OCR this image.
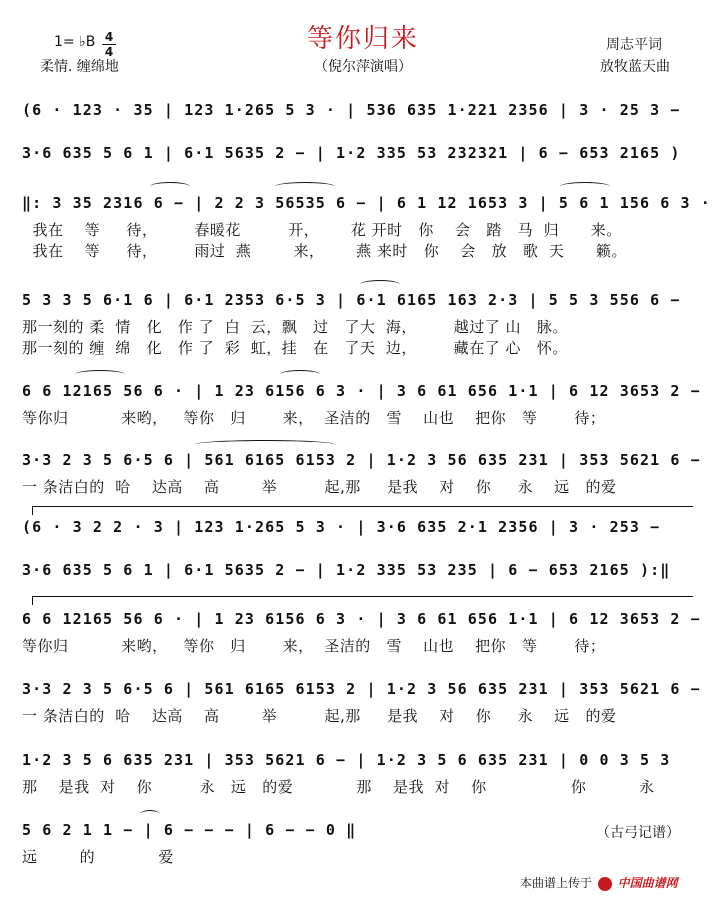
等你归来
（倪尔萍演唱）
1= ♭B 4
4
柔情. 缠绵地
周志平词
放牧蓝天曲
(6 · 123 · 35 | 123 1·265 5 3 · | 536 635 1·221 2356 | 3 · 25 3 −
3·6 635 5 6 1 | 6·1 5635 2 − | 1·2 335 53 232321 | 6 − 653 2165 )
‖: 3 35 2316 6 − | 2 2 3 56535 6 − | 6 1 12 1653 3 | 5 6 1 156 6 3 ·
我在    等     待，       春暖花         开，      花 开时   你    会   踏   马  归      来。
我在    等     待，       雨过  燕        来，      燕 来时   你    会   放   歌  天      籁。
5 3 3 5 6·1 6 | 6·1 2353 6·5 3 | 6·1 6165 163 2·3 | 5 5 3 556 6 −
那一刻的 柔  情   化   作 了  白  云，飘   过   了大  海，       越过了 山   脉。
那一刻的 缠  绵   化   作 了  彩  虹，挂   在   了天  边，       藏在了 心   怀。
6 6 12165 56 6 · | 1 23 6156 6 3 · | 3 6 61 656 1·1 | 6 12 3653 2 −
等你归          来哟，   等你   归       来，  圣洁的   雪    山也    把你   等       待；
3·3 2 3 5 6·5 6 | 561 6165 6153 2 | 1·2 3 56 635 231 | 353 5621 6 −
一 条洁白的  哈    达高    高        举         起,那     是我    对    你     永    远   的爱
(6 · 3 2 2 · 3 | 123 1·265 5 3 · | 3·6 635 2·1 2356 | 3 · 253 −
3·6 635 5 6 1 | 6·1 5635 2 − | 1·2 335 53 235 | 6 − 653 2165 ):‖
6 6 12165 56 6 · | 1 23 6156 6 3 · | 3 6 61 656 1·1 | 6 12 3653 2 −
等你归          来哟，   等你   归       来，  圣洁的   雪    山也    把你   等       待；
3·3 2 3 5 6·5 6 | 561 6165 6153 2 | 1·2 3 56 635 231 | 353 5621 6 −
一 条洁白的  哈    达高    高        举         起,那     是我    对    你     永    远   的爱
1·2 3 5 6 635 231 | 353 5621 6 − | 1·2 3 5 6 635 231 | 0 0 3 5 3
那    是我  对    你         永   远   的爱            那    是我  对    你                你          永
5 6 2 1 1 − | 6 − − − | 6 − − 0 ‖
远        的            爱
（古弓记谱）
本曲谱上传于 中国曲谱网
